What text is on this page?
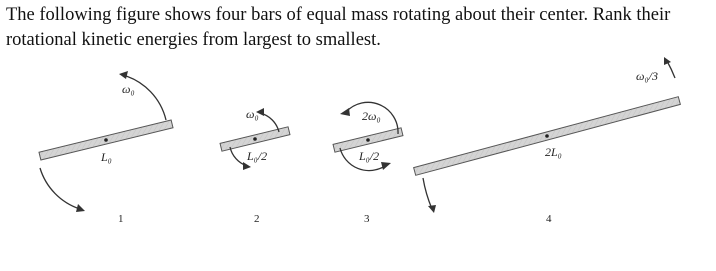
The following figure shows four bars of equal mass rotating about their center. Rank their rotational kinetic energies from largest to smallest.

ω₀
L₀
1
ω₀
L₀/2
2
2ω₀
L₀/2
3
ω₀/3
2L₀
4
